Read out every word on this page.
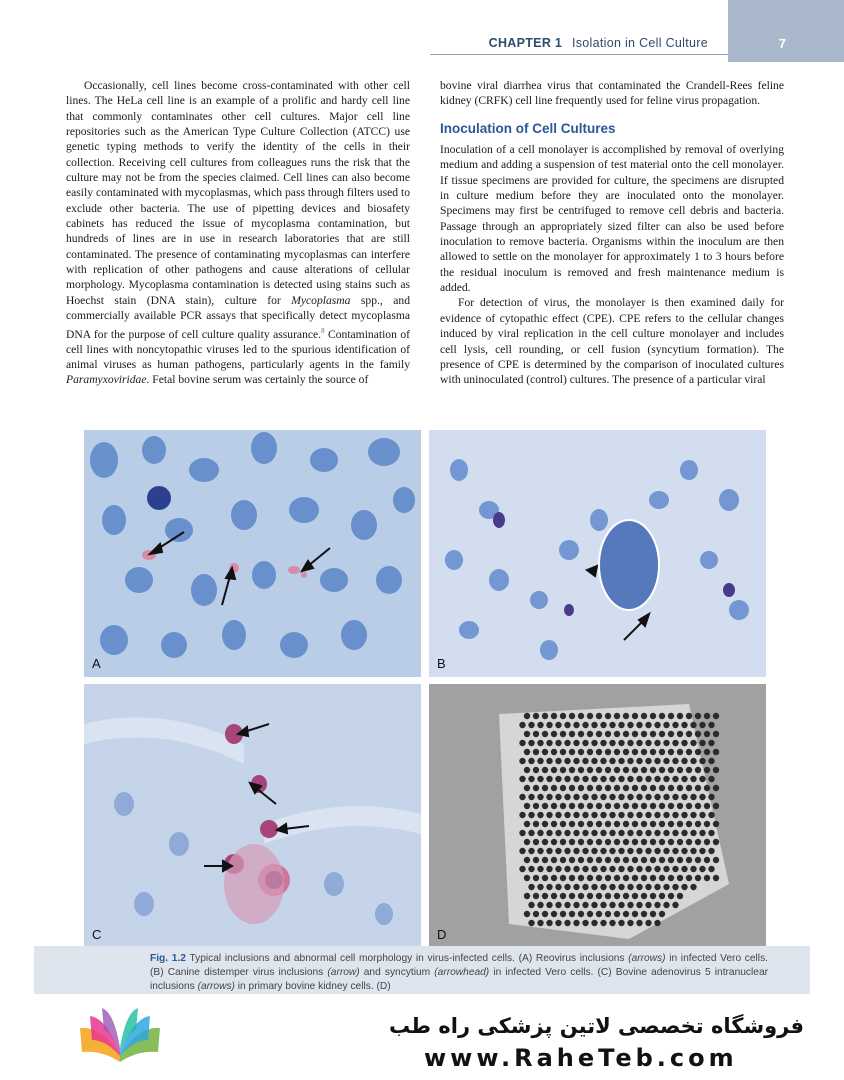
CHAPTER 1 Isolation in Cell Culture	7

Occasionally, cell lines become cross-contaminated with other cell lines. The HeLa cell line is an example of a prolific and hardy cell line that commonly contaminates other cell cultures. Major cell line repositories such as the American Type Culture Collection (ATCC) use genetic typing methods to verify the identity of the cells in their collection. Receiving cell cultures from colleagues runs the risk that the culture may not be from the species claimed. Cell lines can also become easily contaminated with mycoplasmas, which pass through filters used to exclude other bacteria. The use of pipetting devices and biosafety cabinets has reduced the issue of mycoplasma contamination, but hundreds of lines are in use in research laboratories that are still contaminated. The presence of contaminating mycoplasmas can interfere with replication of other pathogens and cause alterations of cellular morphology. Mycoplasma contamination is detected using stains such as Hoechst stain (DNA stain), culture for Mycoplasma spp., and commercially available PCR assays that specifically detect mycoplasma DNA for the purpose of cell culture quality assurance.$^8$ Contamination of cell lines with noncytopathic viruses led to the spurious identification of animal viruses as human pathogens, particularly agents in the family Paramyxoviridae. Fetal bovine serum was certainly the source of

bovine viral diarrhea virus that contaminated the Crandell-Rees feline kidney (CRFK) cell line frequently used for feline virus propagation.

Inoculation of Cell Cultures

Inoculation of a cell monolayer is accomplished by removal of overlying medium and adding a suspension of test material onto the cell monolayer. If tissue specimens are provided for culture, the specimens are disrupted in culture medium before they are inoculated onto the monolayer. Specimens may first be centrifuged to remove cell debris and bacteria. Passage through an appropriately sized filter can also be used before inoculation to remove bacteria. Organisms within the inoculum are then allowed to settle on the monolayer for approximately 1 to 3 hours before the residual inoculum is removed and fresh maintenance medium is added.

For detection of virus, the monolayer is then examined daily for evidence of cytopathic effect (CPE). CPE refers to the cellular changes induced by viral replication in the cell culture monolayer and includes cell lysis, cell rounding, or cell fusion (syncytium formation). The presence of CPE is determined by the comparison of inoculated cultures with uninoculated (control) cultures. The presence of a particular viral

A	B
C	D
Fig. 1.2 Typical inclusions and abnormal cell morphology in virus-infected cells. (A) Reovirus inclusions (arrows) in infected Vero cells. (B) Canine distemper virus inclusions (arrow) and syncytium (arrowhead) in infected Vero cells. (C) Bovine adenovirus 5 intranuclear inclusions (arrows) in primary bovine kidney cells. (D)
فروشگاه تخصصی لاتین پزشکی راه طب
www.RaheTeb.com
